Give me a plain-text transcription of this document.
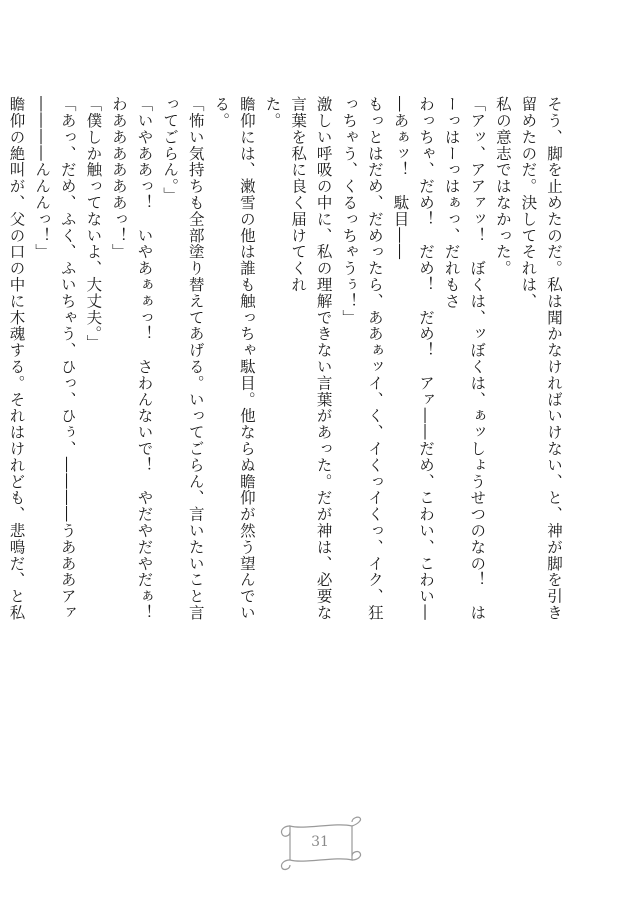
そう、脚を止めたのだ。私は聞かなければいけない、と、神が脚を引き留めたのだ。決してそれは、

私の意志ではなかった。

「アッ、アアァッ！　ぼくは、ッぼくは、ぁッしょうせつのなの！　はーっはーっはぁっ、だれもさ

わっちゃ、だめ！　だめ！　だめ！　アァ――だめ、こわい、こわい――あぁッ！　駄目――

もっとはだめ、だめったら、ああぁッイ、く、イくっイくっ、イク、狂っちゃう、くるっちゃうぅ！」

激しい呼吸の中に、私の理解できない言葉があった。だが神は、必要な言葉を私に良く届けてくれ

た。

瞻仰には、潄雪の他は誰も触っちゃ駄目。他ならぬ瞻仰が然う望んでいる。

「怖い気持ちも全部塗り替えてあげる。いってごらん、言いたいこと言ってごらん。」

「いやああっ！　いやあぁぁっ！　さわんないで！　やだやだやだぁ！　わああああああっ！」

「僕しか触ってないよ、大丈夫。」

「あっ、だめ、ふく、ふいちゃう、ひっ、ひぅ、――――うあああアァ――――んんんっ！」

瞻仰の絶叫が、父の口の中に木魂する。それはけれども、悲鳴だ、と私

31
